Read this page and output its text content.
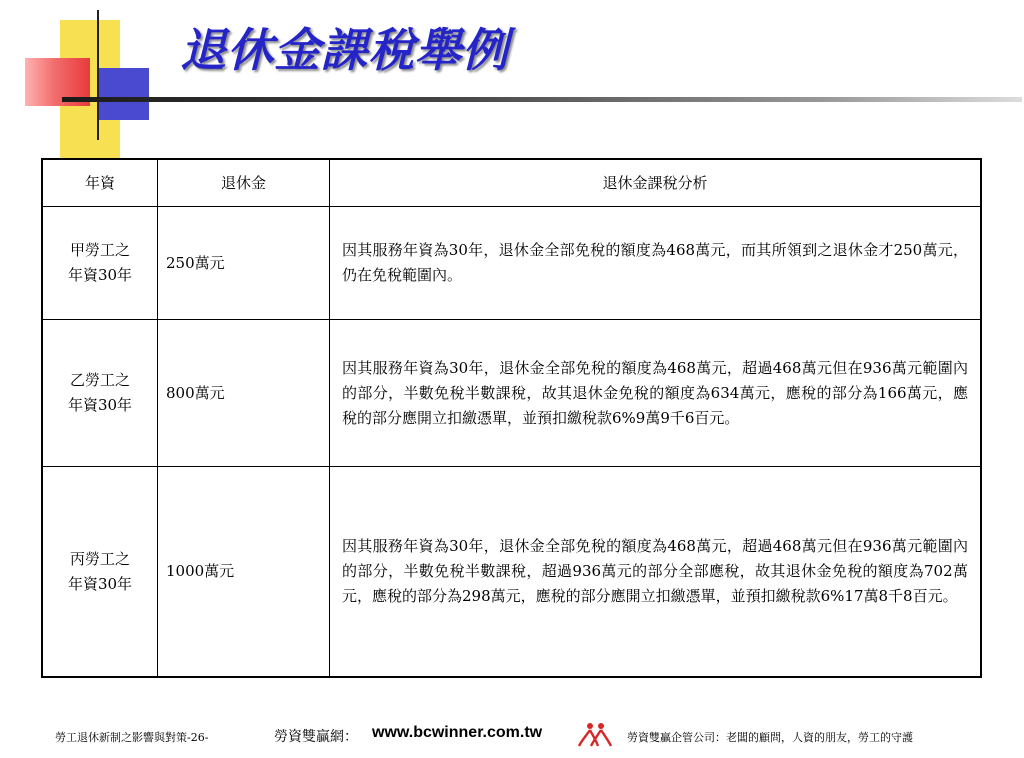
退休金課稅舉例
年資	退休金	退休金課稅分析

甲勞工之
年資30年	250萬元	因其服務年資為30年，退休金全部免稅的額度為468萬元，而其所領到之退休金才250萬元，仍在免稅範圍內。

乙勞工之
年資30年	800萬元	因其服務年資為30年，退休金全部免稅的額度為468萬元，超過468萬元但在936萬元範圍內的部分，半數免稅半數課稅，故其退休金免稅的額度為634萬元，應稅的部分為166萬元，應稅的部分應開立扣繳憑單，並預扣繳稅款6%9萬9千6百元。

丙勞工之
年資30年	1000萬元	因其服務年資為30年，退休金全部免稅的額度為468萬元，超過468萬元但在936萬元範圍內的部分，半數免稅半數課稅，超過936萬元的部分全部應稅，故其退休金免稅的額度為702萬元，應稅的部分為298萬元，應稅的部分應開立扣繳憑單，並預扣繳稅款6%17萬8千8百元。
勞工退休新制之影響與對策-26-	勞資雙贏網： www.bcwinner.com.tw	勞資雙贏企管公司：老闆的顧問，人資的朋友，勞工的守護
